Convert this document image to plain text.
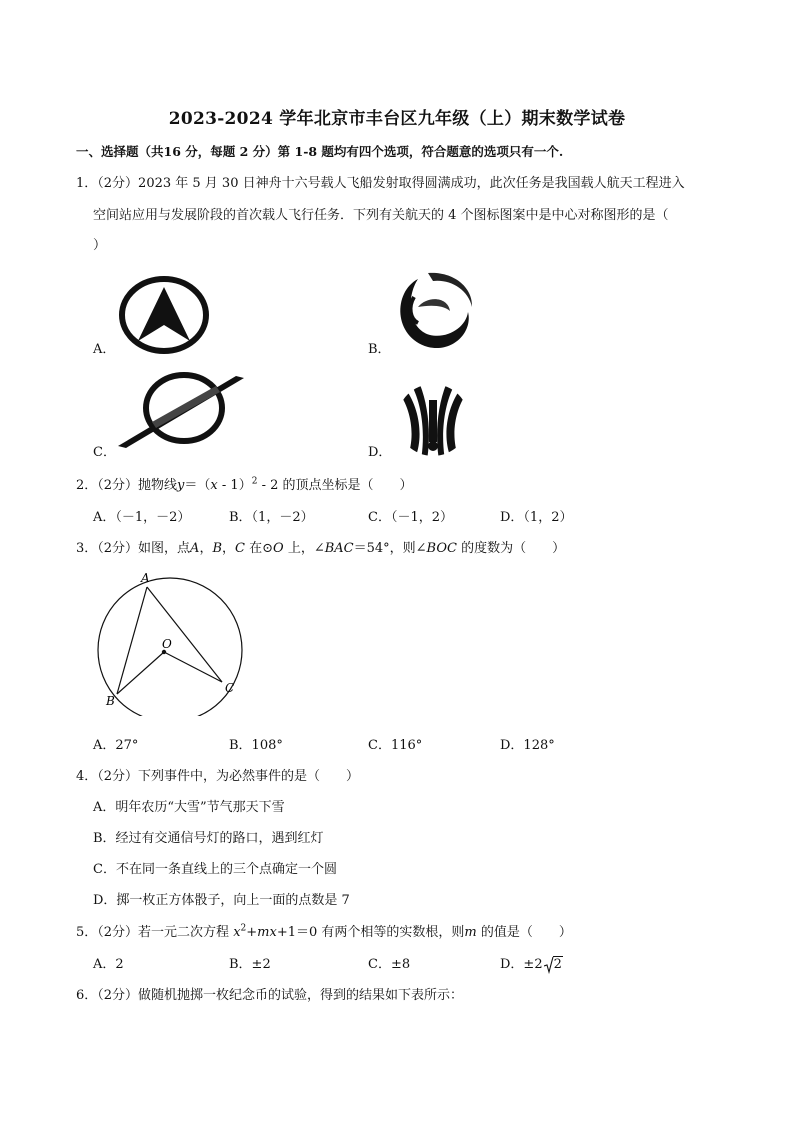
2023-2024 学年北京市丰台区九年级（上）期末数学试卷
一、选择题（共16 分，每题 2 分）第 1-8 题均有四个选项，符合题意的选项只有一个.
1．（2分）2023 年 5 月 30 日神舟十六号载人飞船发射取得圆满成功，此次任务是我国载人航天工程进入
空间站应用与发展阶段的首次载人飞行任务．下列有关航天的 4 个图标图案中是中心对称图形的是（
）
A．	B．
C．	D．
2．（2分）抛物线y＝（x - 1）$^2$ - 2 的顶点坐标是（　　）
A．（－1，－2）	B．（1，－2）	C．（－1，2）	D．（1，2）
3．（2分）如图，点A，B，C 在⊙O 上，∠BAC＝54°，则∠BOC 的度数为（　　）
A
B
C
O
A．27°	B．108°	C．116°	D．128°
4．（2分）下列事件中，为必然事件的是（　　）
A．明年农历“大雪”节气那天下雪
B．经过有交通信号灯的路口，遇到红灯
C．不在同一条直线上的三个点确定一个圆
D．掷一枚正方体骰子，向上一面的点数是 7
5．（2分）若一元二次方程 $x^2+mx+1=0$ 有两个相等的实数根，则m 的值是（　　）
A．2	B．±2	C．±8	D．±2 2
6．（2分）做随机抛掷一枚纪念币的试验，得到的结果如下表所示：
